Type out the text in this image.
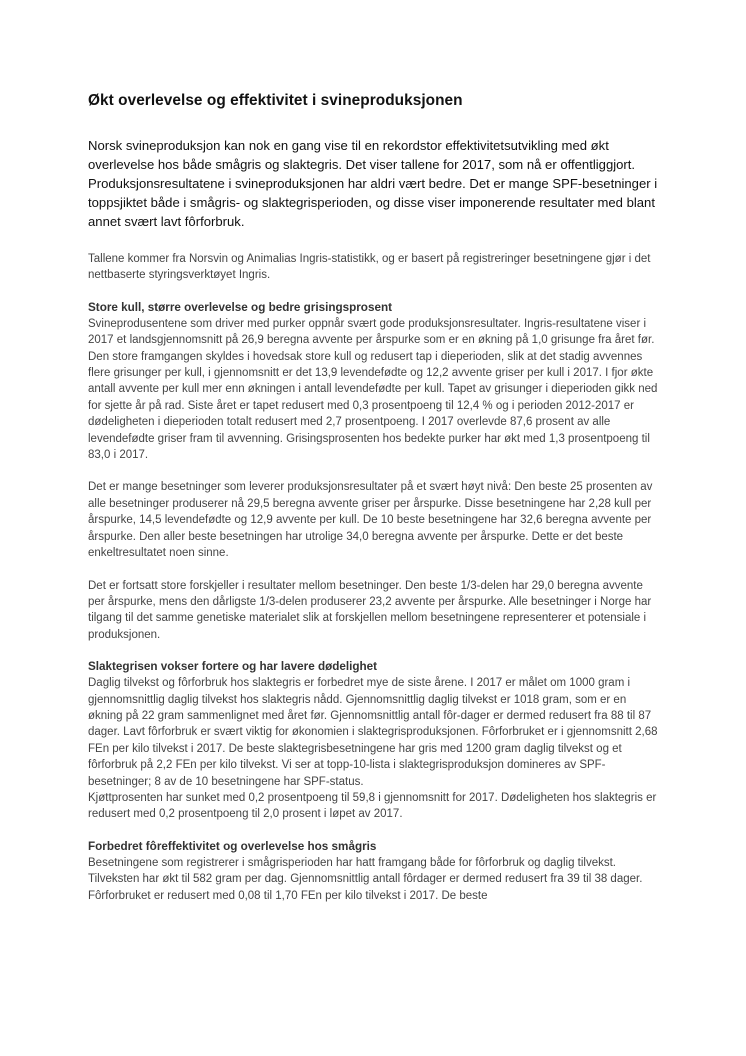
Økt overlevelse og effektivitet i svineproduksjonen

Norsk svineproduksjon kan nok en gang vise til en rekordstor effektivitetsutvikling med økt overlevelse hos både smågris og slaktegris. Det viser tallene for 2017, som nå er offentliggjort. Produksjonsresultatene i svineproduksjonen har aldri vært bedre. Det er mange SPF-besetninger i toppsjiktet både i smågris- og slaktegrisperioden, og disse viser imponerende resultater med blant annet svært lavt fôrforbruk.

Tallene kommer fra Norsvin og Animalias Ingris-statistikk, og er basert på registreringer besetningene gjør i det nettbaserte styringsverktøyet Ingris.

Store kull, større overlevelse og bedre grisingsprosent

Svineprodusentene som driver med purker oppnår svært gode produksjonsresultater. Ingris-resultatene viser i 2017 et landsgjennomsnitt på 26,9 beregna avvente per årspurke som er en økning på 1,0 grisunge fra året før.

Den store framgangen skyldes i hovedsak store kull og redusert tap i dieperioden, slik at det stadig avvennes flere grisunger per kull, i gjennomsnitt er det 13,9 levendefødte og 12,2 avvente griser per kull i 2017. I fjor økte antall avvente per kull mer enn økningen i antall levendefødte per kull. Tapet av grisunger i dieperioden gikk ned for sjette år på rad. Siste året er tapet redusert med 0,3 prosentpoeng til 12,4 % og i perioden 2012-2017 er dødeligheten i dieperioden totalt redusert med 2,7 prosentpoeng. I 2017 overlevde 87,6 prosent av alle levendefødte griser fram til avvenning. Grisingsprosenten hos bedekte purker har økt med 1,3 prosentpoeng til 83,0 i 2017.

Det er mange besetninger som leverer produksjonsresultater på et svært høyt nivå: Den beste 25 prosenten av alle besetninger produserer nå 29,5 beregna avvente griser per årspurke. Disse besetningene har 2,28 kull per årspurke, 14,5 levendefødte og 12,9 avvente per kull. De 10 beste besetningene har 32,6 beregna avvente per årspurke. Den aller beste besetningen har utrolige 34,0 beregna avvente per årspurke. Dette er det beste enkeltresultatet noen sinne.

Det er fortsatt store forskjeller i resultater mellom besetninger. Den beste 1/3-delen har 29,0 beregna avvente per årspurke, mens den dårligste 1/3-delen produserer 23,2 avvente per årspurke. Alle besetninger i Norge har tilgang til det samme genetiske materialet slik at forskjellen mellom besetningene representerer et potensiale i produksjonen.

Slaktegrisen vokser fortere og har lavere dødelighet

Daglig tilvekst og fôrforbruk hos slaktegris er forbedret mye de siste årene. I 2017 er målet om 1000 gram i gjennomsnittlig daglig tilvekst hos slaktegris nådd. Gjennomsnittlig daglig tilvekst er 1018 gram, som er en økning på 22 gram sammenlignet med året før. Gjennomsnittlig antall fôr-dager er dermed redusert fra 88 til 87 dager. Lavt fôrforbruk er svært viktig for økonomien i slaktegrisproduksjonen. Fôrforbruket er i gjennomsnitt 2,68 FEn per kilo tilvekst i 2017. De beste slaktegrisbesetningene har gris med 1200 gram daglig tilvekst og et fôrforbruk på 2,2 FEn per kilo tilvekst. Vi ser at topp-10-lista i slaktegrisproduksjon domineres av SPF-besetninger; 8 av de 10 besetningene har SPF-status.

Kjøttprosenten har sunket med 0,2 prosentpoeng til 59,8 i gjennomsnitt for 2017. Dødeligheten hos slaktegris er redusert med 0,2 prosentpoeng til 2,0 prosent i løpet av 2017.

Forbedret fôreffektivitet og overlevelse hos smågris

Besetningene som registrerer i smågrisperioden har hatt framgang både for fôrforbruk og daglig tilvekst. Tilveksten har økt til 582 gram per dag. Gjennomsnittlig antall fôrdager er dermed redusert fra 39 til 38 dager. Fôrforbruket er redusert med 0,08 til 1,70 FEn per kilo tilvekst i 2017. De beste
